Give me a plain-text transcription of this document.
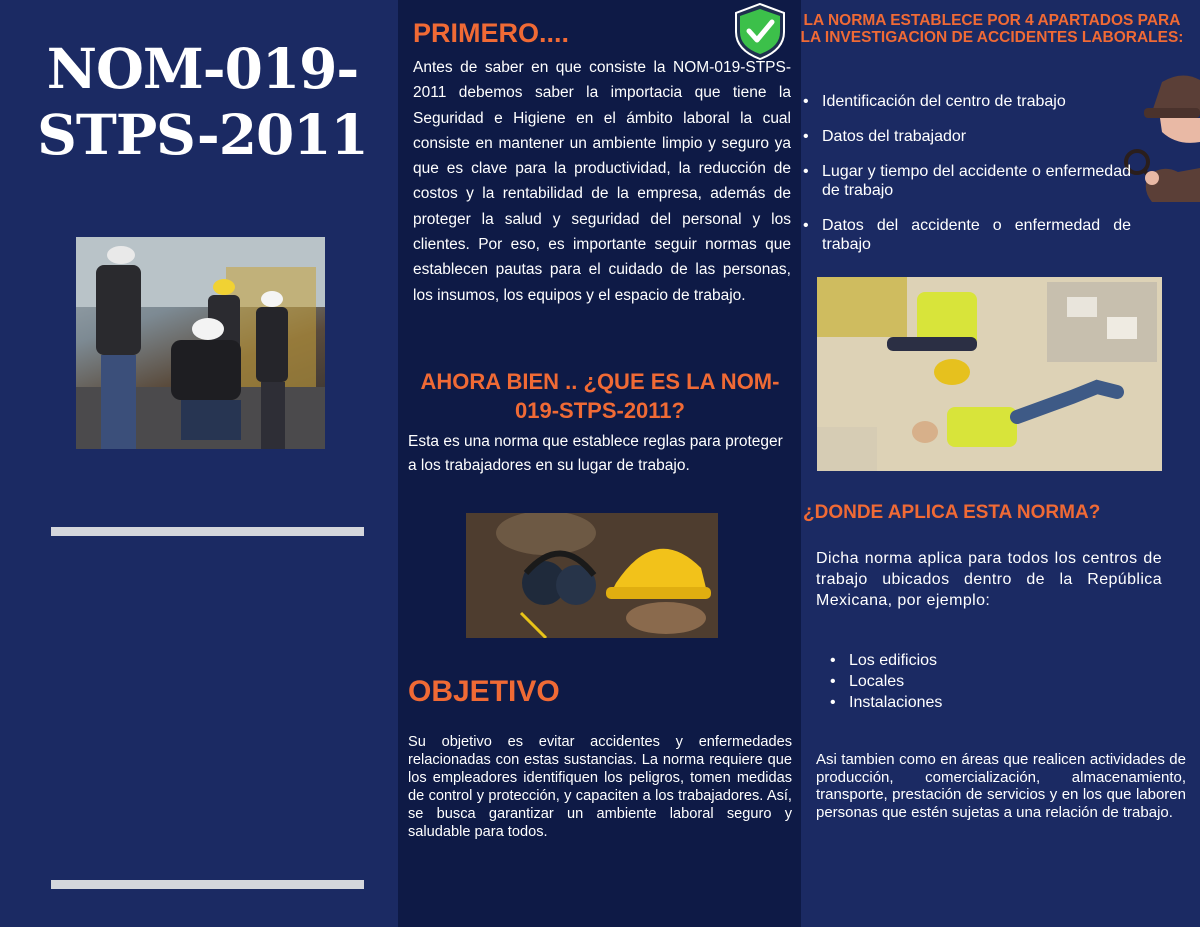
NOM-019-STPS-2011
PRIMERO....

Antes de saber en que consiste la NOM-019-STPS-2011 debemos saber la importacia que tiene la Seguridad e Higiene en el ámbito laboral la cual consiste en mantener un ambiente limpio y seguro ya que es clave para la productividad, la reducción de costos y la rentabilidad de la empresa, además de proteger la salud y seguridad del personal y los clientes. Por eso, es importante seguir normas que establecen pautas para el cuidado de las personas, los insumos, los equipos y el espacio de trabajo.

AHORA BIEN .. ¿QUE ES LA NOM-019-STPS-2011?

Esta es una norma que establece reglas para proteger a los trabajadores en su lugar de trabajo.

OBJETIVO

Su objetivo es evitar accidentes y enfermedades relacionadas con estas sustancias. La norma requiere que los empleadores identifiquen los peligros, tomen medidas de control y protección, y capaciten a los trabajadores. Así, se busca garantizar un ambiente laboral seguro y saludable para todos.

LA NORMA ESTABLECE POR 4 APARTADOS PARA LA INVESTIGACION DE ACCIDENTES LABORALES:
• Identificación del centro de trabajo
• Datos del trabajador
• Lugar y tiempo del accidente o enfermedad de trabajo
• Datos del accidente o enfermedad de trabajo
¿DONDE APLICA ESTA NORMA?

Dicha norma aplica para todos los centros de trabajo ubicados dentro de la República Mexicana, por ejemplo:

• Los edificios
• Locales
• Instalaciones

Asi tambien como en áreas que realicen actividades de producción, comercialización, almacenamiento, transporte, prestación de servicios y en los que laboren personas que estén sujetas a una relación de trabajo.
